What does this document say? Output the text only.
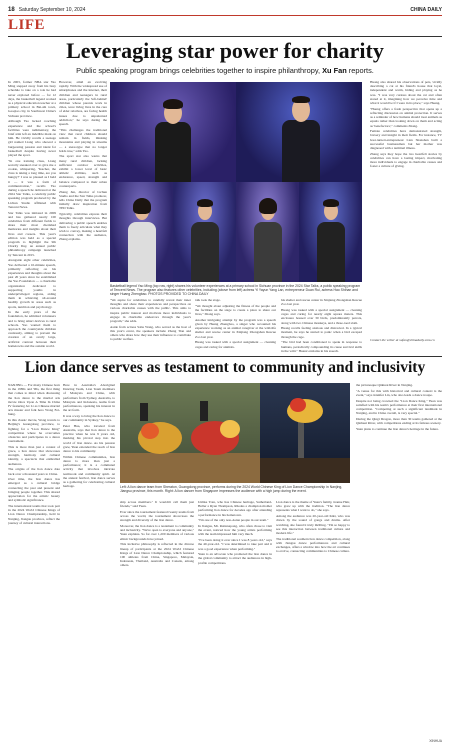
18 Saturday September 10, 2024	CHINA DAILY
LIFE
Leveraging star power for charity
Public speaking program brings celebrities together to inspire philanthropy, Xu Fan reports.

In 2003, former NBA star Yao Ming stepped away from his busy schedule to take on a role he had never explored before — for 12 days, the basketball legend worked as a physical education teacher at a primary school in Bai-shi town, Gaoqiao city, in Southwest China's Sichuan province.

Although Yao lacked coaching experience and the school's facilities were rudimentary, the brief stint left an indelible mark on him. He vividly recalls a teenage girl named Liang who showed a burgeoning passion and talent for basketball despite having never played the sport.

"In one training class, Liang secretly sneaked over to give me a cookie, whispering, 'Teacher, the class is taking a long time, are you hungry?' I was so pleased as I held it — it was a form of communication," recalls Yao during a speech he delivered at the 2024 Star Talks, a celebrity public speaking program produced by the Lichun Studio affiliated with Tencent News.

Star Talks was initiated in 2009 and has gathered nearly 100 celebrities from different fields to share their most cherished memories and insights about their lives and careers. This year's edition was held as a special program to highlight the 9th Charity Day, an annual public philanthropy campaign launched by Tencent in 2015.

Alongside eight other celebrities, Yao delivered a 10-minute speech, primarily reflecting on his experiences and thoughts about the past 20 years since he established the Yao Foundation — a charitable organization dedicated to supporting youths in underprivileged regions, aiding them in achieving all-around healthy growth in areas such as sports, nutrition and psychology.

In the early years of the foundation, he admitted volunteers and to bring smart devices to rural schools. Yao wanted them to approach the countryside children cautiously, aiming to prevent the creation of an overly large, artificial contrast between their hometowns and the outside world.

However, amid an evolving rapidly. With the widespread use of smartphones and the internet, their children and teenagers in rural areas, particularly the 'left-behind' children whose parents work in cities, were living lives in the care of elder relatives, are facing health issues due to unpatterned addiction," he says during the speech.

"This challenges the traditional view that rural children should remain in fields, thinking mountains and playing in streams — a stereotype that no longer holds true," adds Yao.

The sport star also warns that many rural children, lacking sufficient outdoor activities, exhibit a lower level of basic athletic abilities, such as endurance, speed, strength and balance compared to their urban counterparts.

Zhang Jun, director of Lichun Studio and the Star Talks producer, tells China Daily that the program initially drew inspiration from TED Talks.

Typically, celebrities express their thoughts through interviews. But delivering a public speech enables them to freely articulate what they wish to convey, making a heartfelt connection with the audience, Zhang explains.

Basketball legend Yao Ming (top row, right) shares his volunteer experiences at a primary school in Sichuan province in the 2024 Star Talks, a public speaking program of Tencent News. The program also features other celebrities, including (above from left) actress Yi Yayun Yang Lan, entrepreneur Duan Rui, actress Hao Shihan and singer Huang Zhengbao. PHOTOS PROVIDED TO CHINA DAILY

"We aspire for celebrities to candidly reveal their inner thoughts and share their experiences and perspectives on various charitable causes with the public. This aims to inspire public interest and motivate more individuals to engage in charitable endeavors through the year's program," she adds.

Aside from actress Sabu Wang, who served as the host of this year's event, the speakers include Zhang Tian and others who share how they use their influence to contribute to public welfare.

talk took the stage.

"We thought about adjusting the fitness of the people and the facilities on the stage to create a place to share our lives," Zhang says.

Another intriguing attempt by the program was a speech given by Huang Zhengbao, a singer who recounted his experience working as an animal caregiver at the wild-life shelter and rescue center in Xinjiang Zhongshan Rescue Zoo last year.

Huang was tasked with a special assignment — cleaning cages and caring for animals.

his shelter and rescue center in Xinjiang Zhongshan Rescue Zoo last year.

Huang was tasked with a special assignment — cleaning cages and caring for nearly eight square meters. This enclosure housed over 30 birds, predominantly parrots, along with two Chinese monkeys, and a three-toed sloth.

Huang recalls feeling anxious and distracted. In a typical moment, he says he started to panic when a bird escaped through the cage.

"The bird had been conditioned to speak in response to humans, periodically compounding its cause survival skills in the wild," Huang explains in his speech.

Huang also shared his observations of pets, vividly describing a cat at his friend's house that loyal, independent and warm, hiding and playing as he was. "I was very curious about the cat and often stared at it, imagining how we perceive time and what it would be if I were in its place," says Huang.

"Huang offers a fresh perspective that opens up a reflecting discussion on animal protection. It serves as a reminder of how humans should treat animals as equals rather than looking down on them and acting as 'benefactors'," comments Zhang.

Female celebrities have demonstrated strength, bravery and insight in their fields. For instance, TV host-turned-entrepreneur Lian Shanshan built a successful businessman but her mother was diagnosed with a terminal illness.

Zhang says they hope the two heartfelt stories by celebrities can have a lasting impact, motivating more individuals to engage in charitable causes and foster a culture of giving.

Contact the writer at xufan@chinadaily.com.cn

Lion dance serves as testament to community and inclusivity

NANJING — For many Chinese born in the 1980s and '90s, the first thing that comes to mind when discussing the lion dance is the martial arts movie Once Upon A Time In China IV featuring Jet Li as Chinese martial arts master and folk hero Wong Fei-hung.

In this classic movie, Wong travels to Beijing's Guangdong province, to fighting for a "Lion Dance King" competition where he overcomes obstacles and participates in a dance tournament.

This is more than just a contest of grace, a lion dance that showcases strength, harmony and cultural identity, a spectacle that enthralled audiences.

The origins of the lion dance date back over a thousand years to China.

Over time, the lion dance has emerged as a cultural bridge connecting the past and present and bringing people together. This shared appreciation for the artistic beauty and symbolic significance.

The international teams that took part in the 2024 World Chinese Kings of Lion Dance Championship, held in Nanjing, Jiangsu province, reflect the journey of cultural interactions.

Here in Australia's Aboriginal Dancing Team, Lion Team members of Malaysia and China, with performers from Sydney, Australia, to Malaysia and Indonesia, teams from performances, sparking his interest in the art form.

It was a way to bring the lion dance to our community in Sydney," he says.

Peter Hua, who traveled from Australia, says that lion dance is the practice when he was 9 years old, marking his pivotal step into the world of lion dance. As his passion grew, Yuan extended the reach of lion dance to his community.

Within Chinese communities, lion dance is more than just a performance; it is a communal activity that involves intricate teamwork and community spirit. At the annual festival, lion dance serves as a gathering for celebrating cultural heritage.	Left: A lion dance team from Sheraton, Guangdong province, performs during the 2024 World Chinese King of Lion Dance Championship in Nanjing, Jiangsu province, this month. Right: A lion dancer from Singapore impresses the audience with a high jump during the event.

ship across members." It wouldn't call them just friends," said Yuan.

Ever since the tournament featured twenty teams from across the world, the tournament showcases the strength and diversity of the lion dance.

Moreover, the lion dance is a testament to community and inclusivity. "We're open to everyone and anyone," Yuan explains. So far over 1,200 members of various ethnic backgrounds have joined.

This inclusive philosophy is reflected in the diverse lineup of participants at the 2024 World Chinese Kings of Lion Dance Championship, which featured 100 athletes from China, Singapore, Malaysia, Indonesia, Thailand, Australia and Canada, among others.

Unlike Tran, who has Chinese heritage, Sutherland-Heller a Ryan Thompson, Rhodes a champion mother performing lion dance for decades ago after attending a performance in his hometown.

"I'm one of the only non-Asian people in our team."

In Jiangsu, Mr. Ruttanapong, who often chose to visit the event, noticed how the young artists performing with the team impressed him very much.

"I've been doing it ever since I was 8 years old," says the 40-year-old. "I was determined to take part and it was a good experience when performing."

Yuan is an advocate who promoted the lion dance in the global community to attract the audiences in high-profile competitions.

Lion dance is the theme of Yuan's family, Jeanne Hair, who grew up with the tradition. "The lion dance represents what I want to do," she says.

Among the audience was 20-year-old Kiki, who was drawn by the sound of gongs and drums. After watching, she found it truly thrilling. "I'm so happy to see this interaction between traditional culture and modern life."

The traditional southern lion dance competition, along with Jiangsu dance performances and cultural exchanges, offers a window into how the art continues to evolve, connecting communities to Chinese culture.

the picturesque Qinhuai River in Nanjing.

"A venue for this with historical and cultural context is the event," says Jennifer Lin, who also leads a dance troupe.

Despite not being crowned the "Lion Dance King," Yuan was satisfied with his team's performance at their first international competition. "Competing at such a significant landmark in Nanjing, and in China overall, is very special."

During the Qingi Dragon, more than 30 teams gathered at the Qinhuai River, with competitions ending at its famous scenery.

Yuan plans to continue the lion dance's heritage in the future.

XINHUA
